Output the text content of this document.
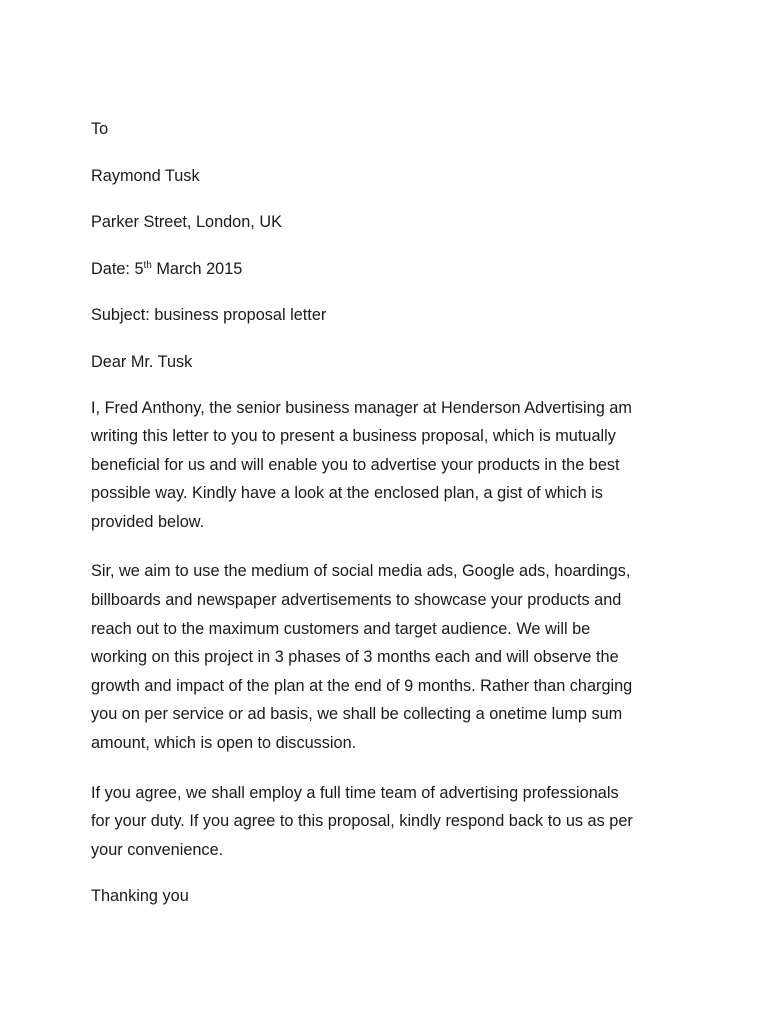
To

Raymond Tusk

Parker Street, London, UK

Date: 5th March 2015

Subject: business proposal letter

Dear Mr. Tusk

I, Fred Anthony, the senior business manager at Henderson Advertising am
writing this letter to you to present a business proposal, which is mutually
beneficial for us and will enable you to advertise your products in the best
possible way. Kindly have a look at the enclosed plan, a gist of which is
provided below.
Sir, we aim to use the medium of social media ads, Google ads, hoardings,
billboards and newspaper advertisements to showcase your products and
reach out to the maximum customers and target audience. We will be
working on this project in 3 phases of 3 months each and will observe the
growth and impact of the plan at the end of 9 months. Rather than charging
you on per service or ad basis, we shall be collecting a onetime lump sum
amount, which is open to discussion.
If you agree, we shall employ a full time team of advertising professionals
for your duty. If you agree to this proposal, kindly respond back to us as per
your convenience.

Thanking you
